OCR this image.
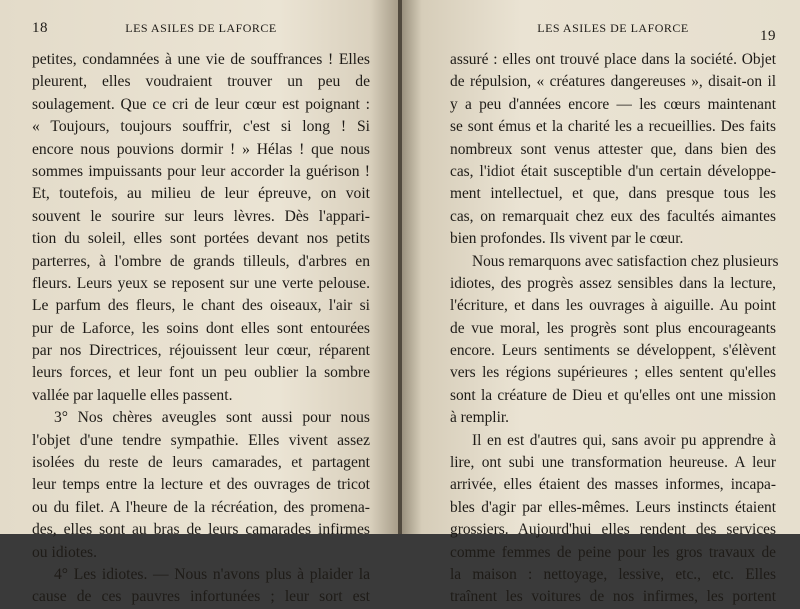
18	LES ASILES DE LAFORCE
petites, condamnées à une vie de souffrances ! Elles
pleurent, elles voudraient trouver un peu de
soulagement. Que ce cri de leur cœur est poignant :
« Toujours, toujours souffrir, c'est si long ! Si
encore nous pouvions dormir ! » Hélas ! que nous
sommes impuissants pour leur accorder la guérison !
Et, toutefois, au milieu de leur épreuve, on voit
souvent le sourire sur leurs lèvres. Dès l'appari-
tion du soleil, elles sont portées devant nos petits
parterres, à l'ombre de grands tilleuls, d'arbres en
fleurs. Leurs yeux se reposent sur une verte pelouse.
Le parfum des fleurs, le chant des oiseaux, l'air si
pur de Laforce, les soins dont elles sont entourées
par nos Directrices, réjouissent leur cœur, réparent
leurs forces, et leur font un peu oublier la sombre
vallée par laquelle elles passent.
3° Nos chères aveugles sont aussi pour nous
l'objet d'une tendre sympathie. Elles vivent assez
isolées du reste de leurs camarades, et partagent
leur temps entre la lecture et des ouvrages de tricot
ou du filet. A l'heure de la récréation, des promena-
des, elles sont au bras de leurs camarades infirmes
ou idiotes.
4° Les idiotes. — Nous n'avons plus à plaider la
cause de ces pauvres infortunées ; leur sort est
LES ASILES DE LAFORCE	19
assuré : elles ont trouvé place dans la société. Objet
de répulsion, « créatures dangereuses », disait-on il
y a peu d'années encore — les cœurs maintenant
se sont émus et la charité les a recueillies. Des faits
nombreux sont venus attester que, dans bien des
cas, l'idiot était susceptible d'un certain développe-
ment intellectuel, et que, dans presque tous les
cas, on remarquait chez eux des facultés aimantes
bien profondes. Ils vivent par le cœur.
Nous remarquons avec satisfaction chez plusieurs
idiotes, des progrès assez sensibles dans la lecture,
l'écriture, et dans les ouvrages à aiguille. Au point
de vue moral, les progrès sont plus encourageants
encore. Leurs sentiments se développent, s'élèvent
vers les régions supérieures ; elles sentent qu'elles
sont la créature de Dieu et qu'elles ont une mission
à remplir.
Il en est d'autres qui, sans avoir pu apprendre à
lire, ont subi une transformation heureuse. A leur
arrivée, elles étaient des masses informes, incapa-
bles d'agir par elles-mêmes. Leurs instincts étaient
grossiers. Aujourd'hui elles rendent des services
comme femmes de peine pour les gros travaux de
la maison : nettoyage, lessive, etc., etc. Elles
traînent les voitures de nos infirmes, les portent
